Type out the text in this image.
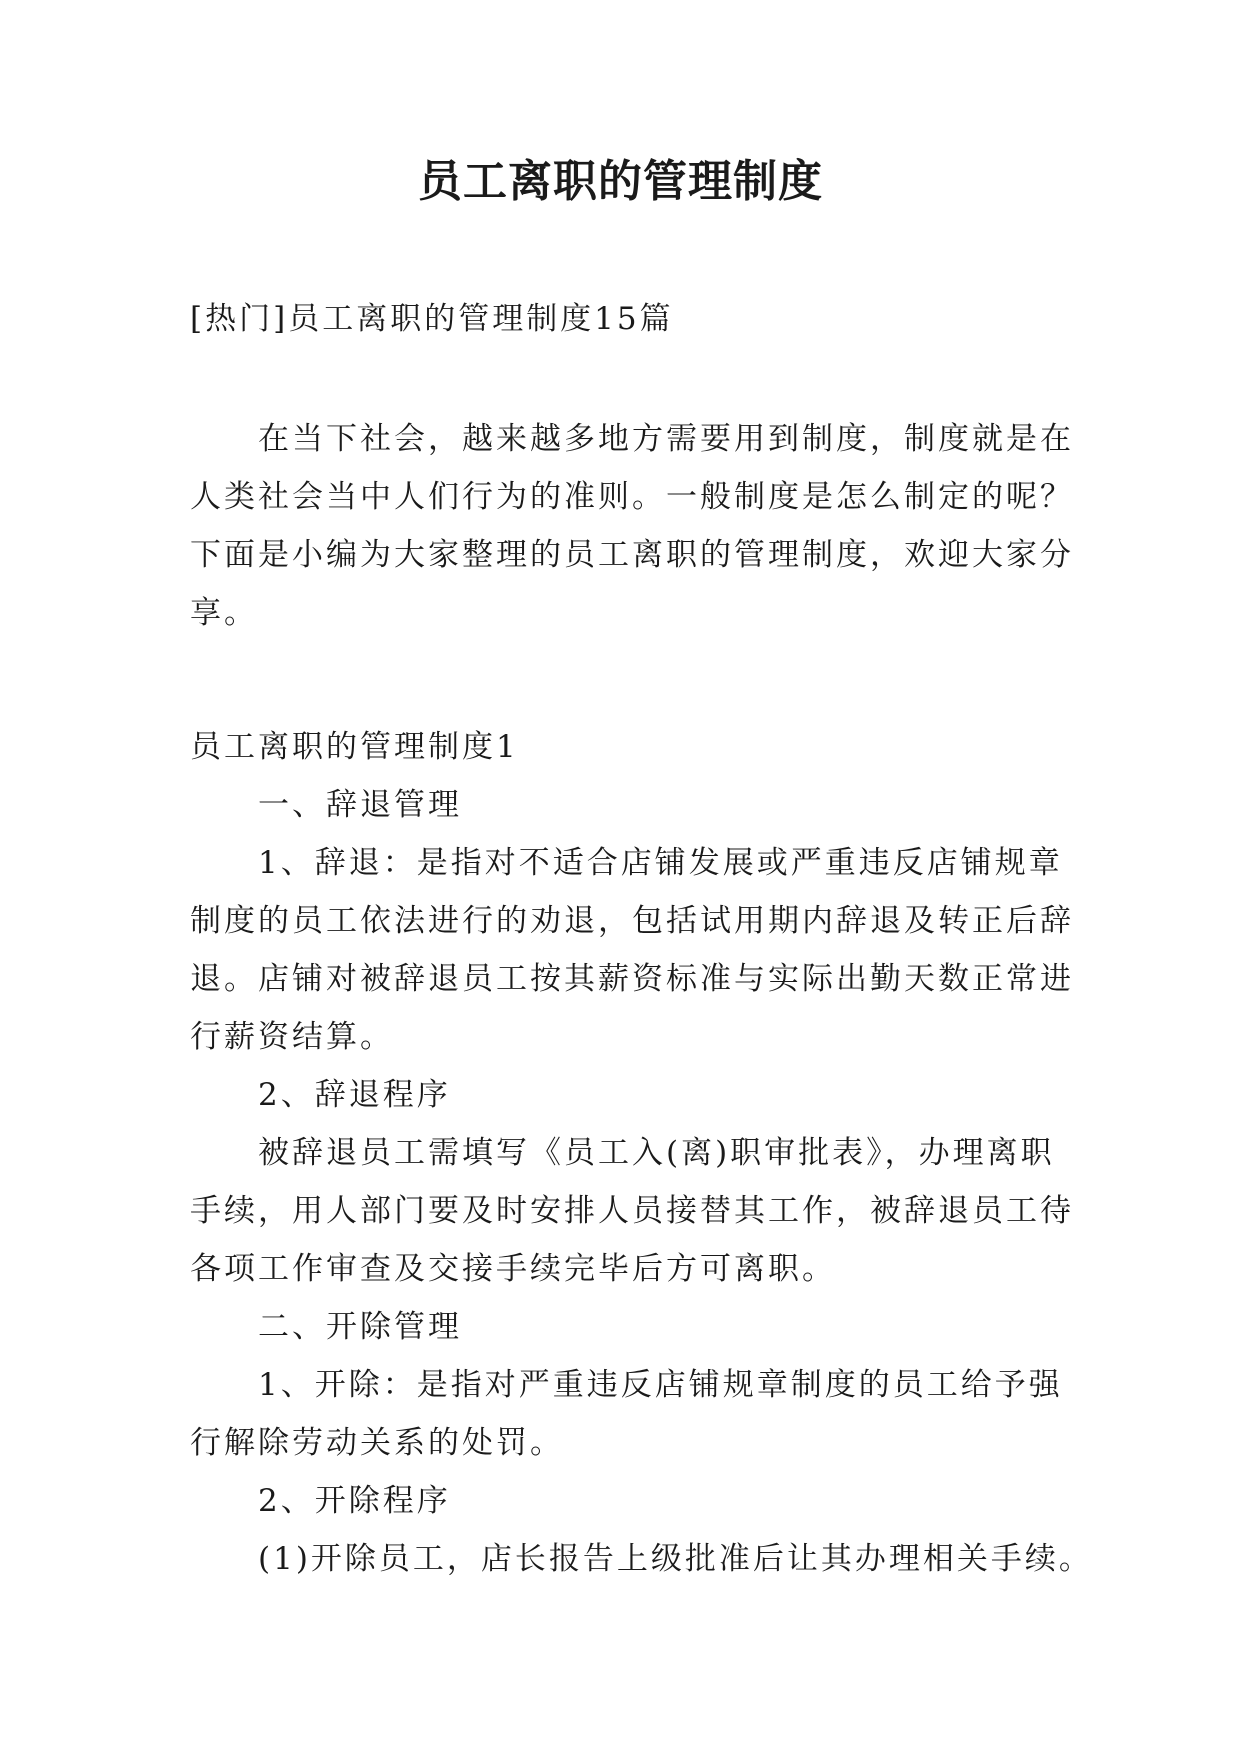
员工离职的管理制度

[热门]员工离职的管理制度15篇

在当下社会，越来越多地方需要用到制度，制度就是在

人类社会当中人们行为的准则。一般制度是怎么制定的呢？

下面是小编为大家整理的员工离职的管理制度，欢迎大家分

享。

员工离职的管理制度1

一、辞退管理

1、辞退：是指对不适合店铺发展或严重违反店铺规章

制度的员工依法进行的劝退，包括试用期内辞退及转正后辞

退。店铺对被辞退员工按其薪资标准与实际出勤天数正常进

行薪资结算。

2、辞退程序

被辞退员工需填写《员工入(离)职审批表》，办理离职

手续，用人部门要及时安排人员接替其工作，被辞退员工待

各项工作审查及交接手续完毕后方可离职。

二、开除管理

1、开除：是指对严重违反店铺规章制度的员工给予强

行解除劳动关系的处罚。

2、开除程序

(1)开除员工，店长报告上级批准后让其办理相关手续。
